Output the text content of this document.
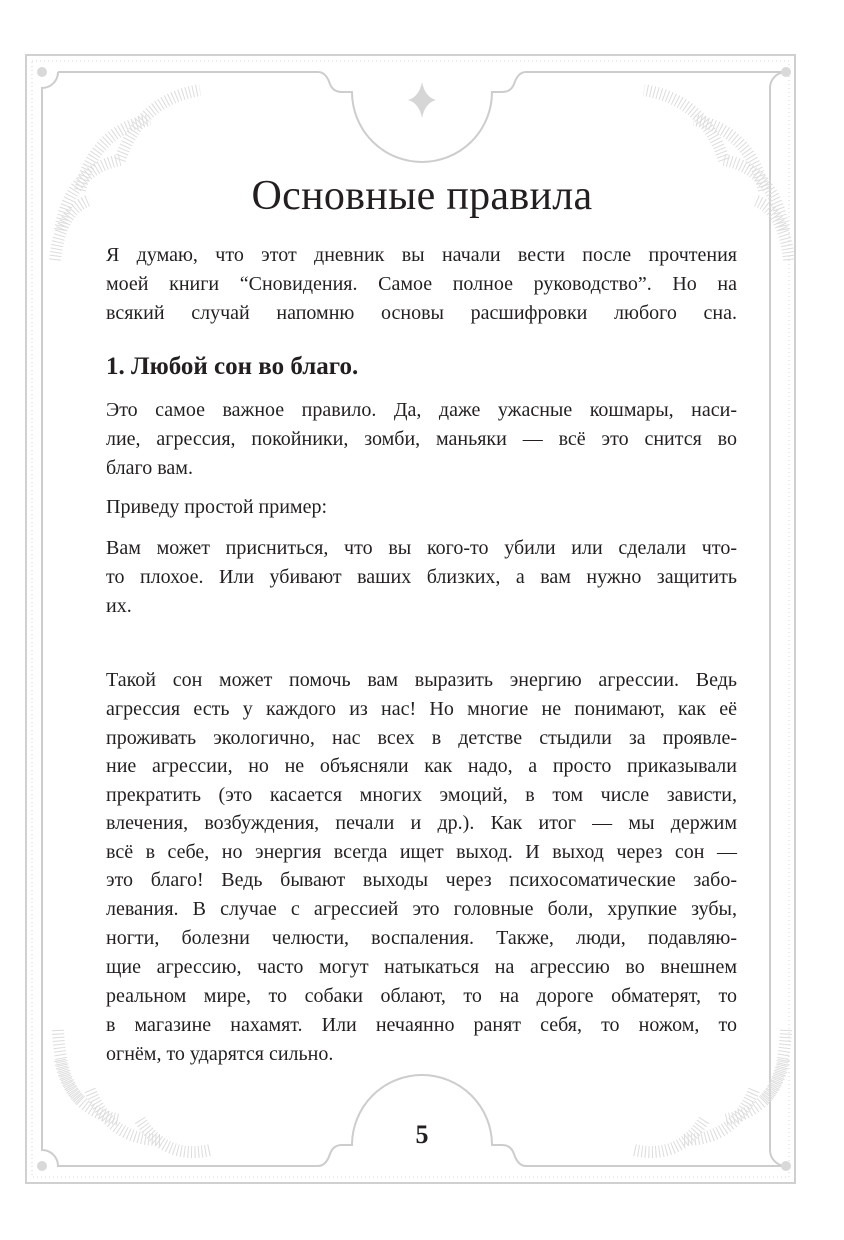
Основные правила
Я думаю, что этот дневник вы начали вести после прочтения
моей книги “Сновидения. Самое полное руководство”. Но на
всякий случай напомню основы расшифровки любого сна.
1. Любой сон во благо.
Это самое важное правило. Да, даже ужасные кошмары, наси-
лие, агрессия, покойники, зомби, маньяки — всё это снится во
благо вам.
Приведу простой пример:
Вам может присниться, что вы кого-то убили или сделали что-
то плохое. Или убивают ваших близких, а вам нужно защитить
их.
Такой сон может помочь вам выразить энергию агрессии. Ведь
агрессия есть у каждого из нас! Но многие не понимают, как её
проживать экологично, нас всех в детстве стыдили за проявле-
ние агрессии, но не объясняли как надо, а просто приказывали
прекратить (это касается многих эмоций, в том числе зависти,
влечения, возбуждения, печали и др.). Как итог — мы держим
всё в себе, но энергия всегда ищет выход. И выход через сон —
это благо! Ведь бывают выходы через психосоматические забо-
левания. В случае с агрессией это головные боли, хрупкие зубы,
ногти, болезни челюсти, воспаления. Также, люди, подавляю-
щие агрессию, часто могут натыкаться на агрессию во внешнем
реальном мире, то собаки облают, то на дороге обматерят, то
в магазине нахамят. Или нечаянно ранят себя, то ножом, то
огнём, то ударятся сильно.
5
